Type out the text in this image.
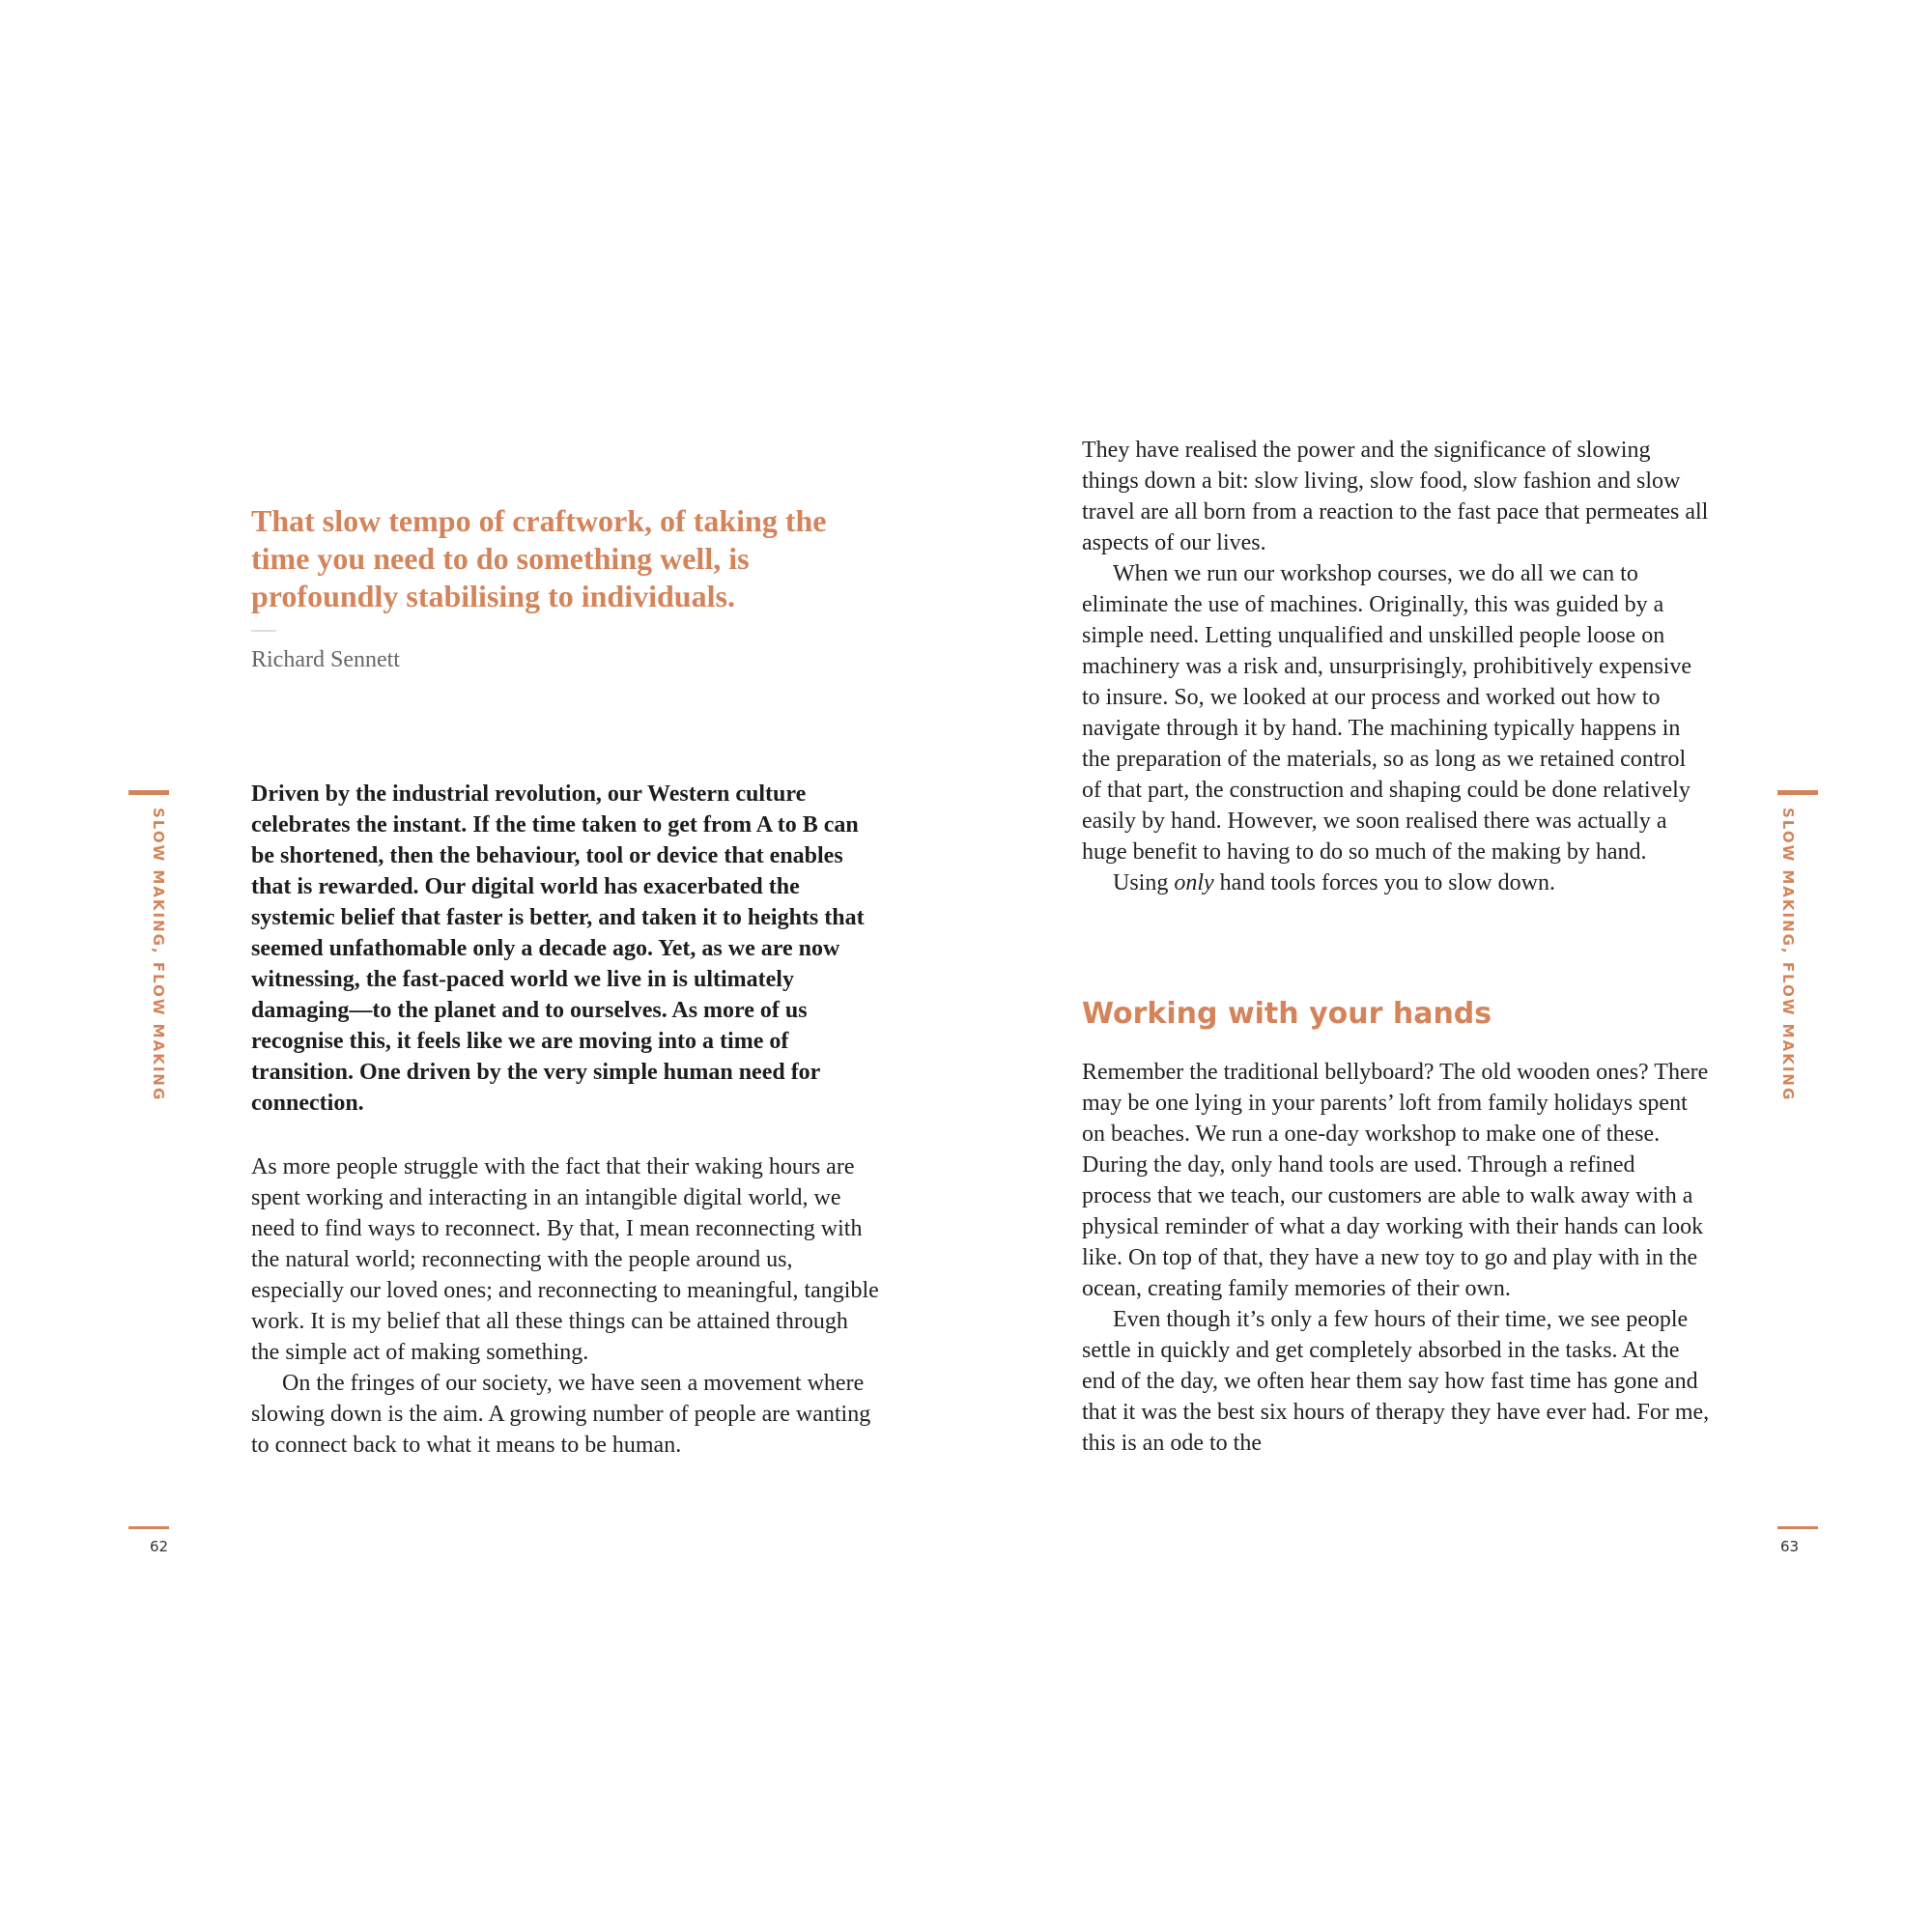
SLOW MAKING, FLOW MAKING

That slow tempo of craftwork, of taking the time you need to do something well, is profoundly stabilising to individuals.

Richard Sennett

Driven by the industrial revolution, our Western culture celebrates the instant. If the time taken to get from A to B can be shortened, then the behaviour, tool or device that enables that is rewarded. Our digital world has exacerbated the systemic belief that faster is better, and taken it to heights that seemed unfathomable only a decade ago. Yet, as we are now witnessing, the fast-paced world we live in is ultimately damaging—to the planet and to ourselves. As more of us recognise this, it feels like we are moving into a time of transition. One driven by the very simple human need for connection.

As more people struggle with the fact that their waking hours are spent working and interacting in an intangible digital world, we need to find ways to reconnect. By that, I mean reconnecting with the natural world; reconnecting with the people around us, especially our loved ones; and reconnecting to meaningful, tangible work. It is my belief that all these things can be attained through the simple act of making something.

On the fringes of our society, we have seen a movement where slowing down is the aim. A growing number of people are wanting to connect back to what it means to be human.

62

They have realised the power and the significance of slowing things down a bit: slow living, slow food, slow fashion and slow travel are all born from a reaction to the fast pace that permeates all aspects of our lives.

When we run our workshop courses, we do all we can to eliminate the use of machines. Originally, this was guided by a simple need. Letting unqualified and unskilled people loose on machinery was a risk and, unsurprisingly, prohibitively expensive to insure. So, we looked at our process and worked out how to navigate through it by hand. The machining typically happens in the preparation of the materials, so as long as we retained control of that part, the construction and shaping could be done relatively easily by hand. However, we soon realised there was actually a huge benefit to having to do so much of the making by hand.

Using only hand tools forces you to slow down.

Working with your hands

Remember the traditional bellyboard? The old wooden ones? There may be one lying in your parents’ loft from family holidays spent on beaches. We run a one-day workshop to make one of these. During the day, only hand tools are used. Through a refined process that we teach, our customers are able to walk away with a physical reminder of what a day working with their hands can look like. On top of that, they have a new toy to go and play with in the ocean, creating family memories of their own.

Even though it’s only a few hours of their time, we see people settle in quickly and get completely absorbed in the tasks. At the end of the day, we often hear them say how fast time has gone and that it was the best six hours of therapy they have ever had. For me, this is an ode to the

SLOW MAKING, FLOW MAKING
63
